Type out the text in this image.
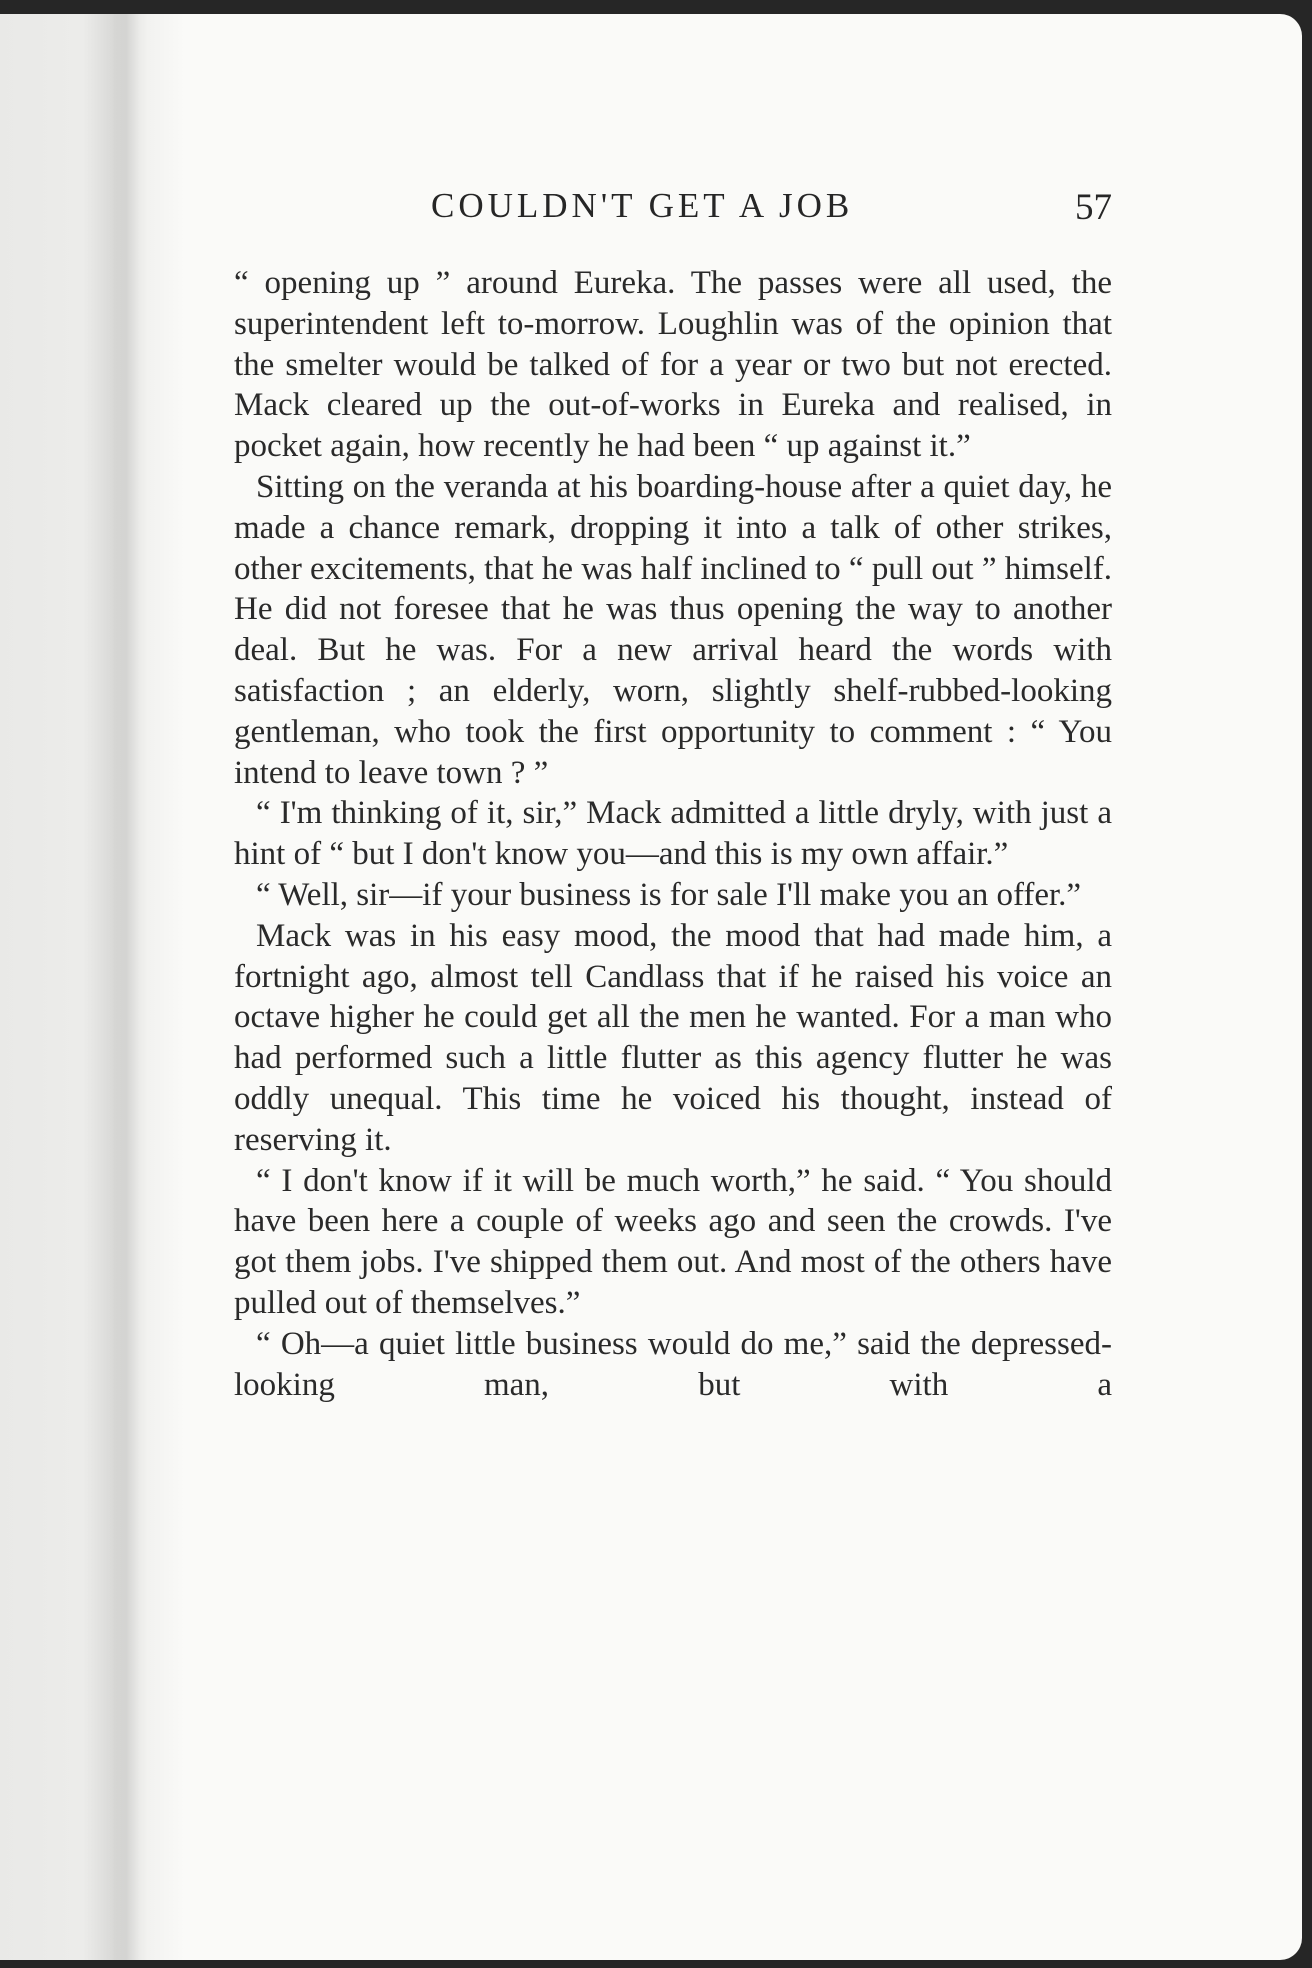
COULDN'T GET A JOB	57

“ opening up ” around Eureka. The passes were all used, the superintendent left to-morrow. Loughlin was of the opinion that the smelter would be talked of for a year or two but not erected. Mack cleared up the out-of-works in Eureka and realised, in pocket again, how recently he had been “ up against it.”

Sitting on the veranda at his boarding-house after a quiet day, he made a chance remark, dropping it into a talk of other strikes, other excitements, that he was half inclined to “ pull out ” himself. He did not foresee that he was thus opening the way to another deal. But he was. For a new arrival heard the words with satisfaction ; an elderly, worn, slightly shelf-rubbed-looking gentleman, who took the first opportunity to comment : “ You intend to leave town ? ”

“ I'm thinking of it, sir,” Mack admitted a little dryly, with just a hint of “ but I don't know you—and this is my own affair.”

“ Well, sir—if your business is for sale I'll make you an offer.”

Mack was in his easy mood, the mood that had made him, a fortnight ago, almost tell Candlass that if he raised his voice an octave higher he could get all the men he wanted. For a man who had performed such a little flutter as this agency flutter he was oddly unequal. This time he voiced his thought, instead of reserving it.

“ I don't know if it will be much worth,” he said. “ You should have been here a couple of weeks ago and seen the crowds. I've got them jobs. I've shipped them out. And most of the others have pulled out of themselves.”

“ Oh—a quiet little business would do me,” said the depressed-looking man, but with a
